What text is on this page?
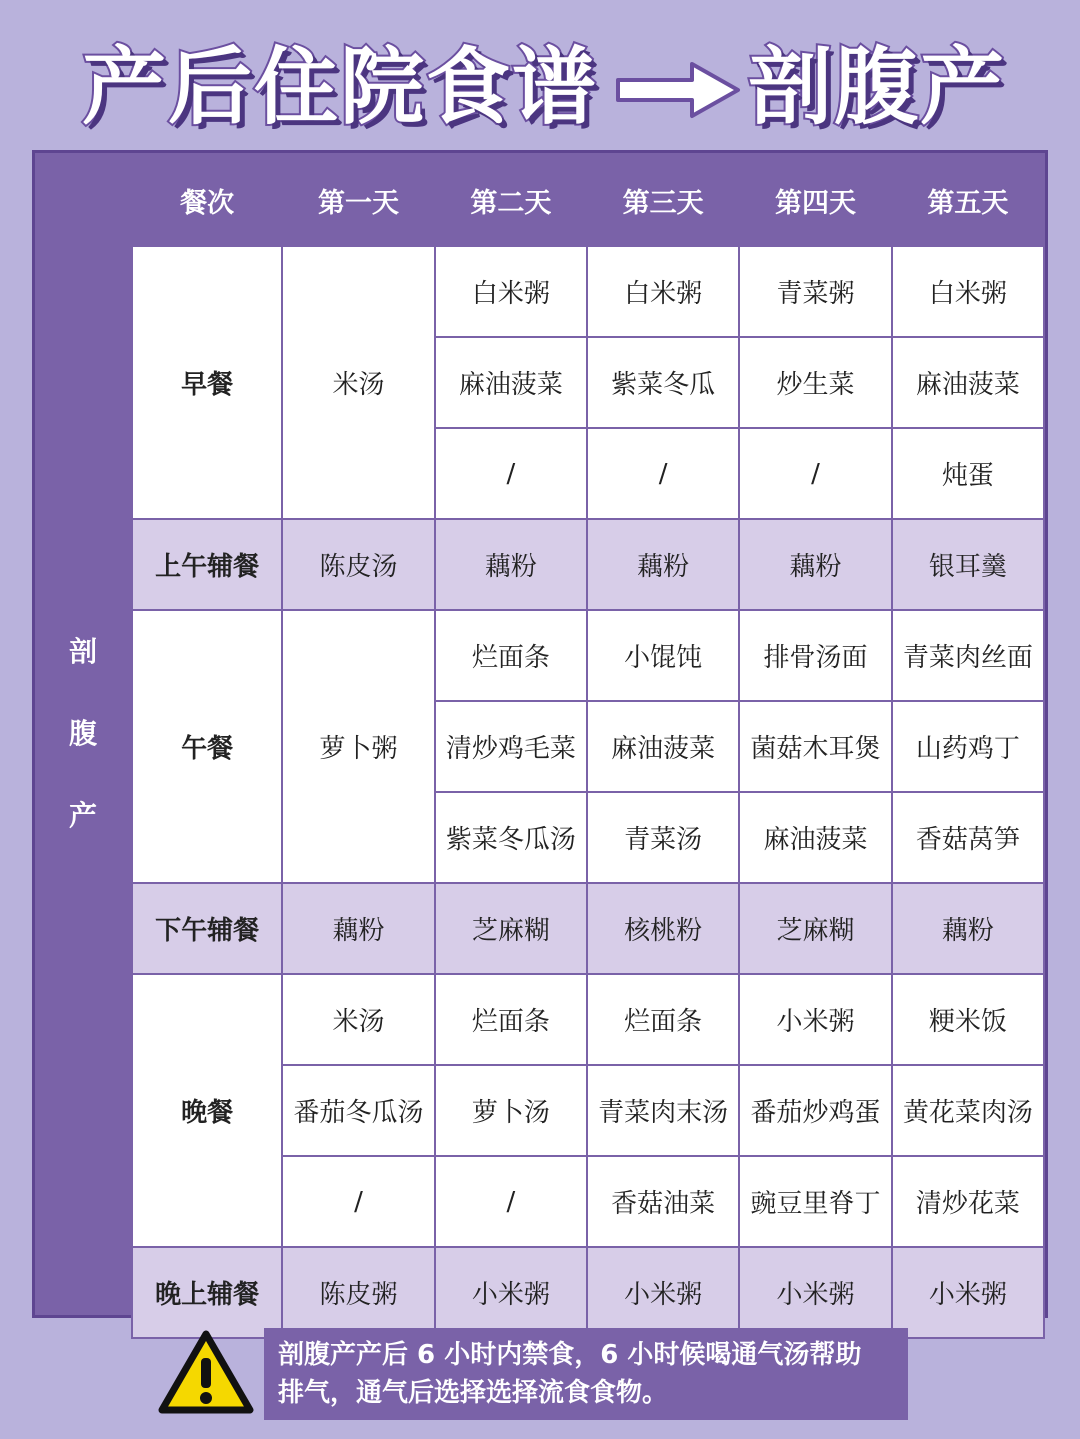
产后住院食谱 剖腹产
剖
腹
产
餐次	第一天	第二天	第三天	第四天	第五天
早餐	米汤	白米粥	白米粥	青菜粥	白米粥
		麻油菠菜	紫菜冬瓜	炒生菜	麻油菠菜
		/	/	/	炖蛋
上午辅餐	陈皮汤	藕粉	藕粉	藕粉	银耳羹
午餐	萝卜粥	烂面条	小馄饨	排骨汤面	青菜肉丝面
		清炒鸡毛菜	麻油菠菜	菌菇木耳煲	山药鸡丁
		紫菜冬瓜汤	青菜汤	麻油菠菜	香菇莴笋
下午辅餐	藕粉	芝麻糊	核桃粉	芝麻糊	藕粉
晚餐	米汤	烂面条	烂面条	小米粥	粳米饭
	番茄冬瓜汤	萝卜汤	青菜肉末汤	番茄炒鸡蛋	黄花菜肉汤
	/	/	香菇油菜	豌豆里脊丁	清炒花菜
晚上辅餐	陈皮粥	小米粥	小米粥	小米粥	小米粥
剖腹产产后 6 小时内禁食，6 小时候喝通气汤帮助
排气，通气后选择选择流食食物。
